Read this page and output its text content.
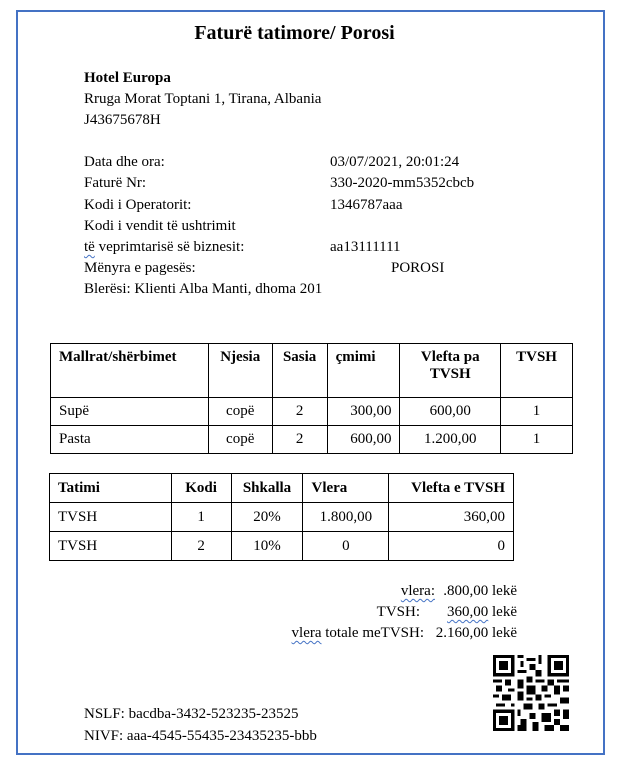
Faturë tatimore/ Porosi
Hotel Europa
Rruga Morat Toptani 1, Tirana, Albania
J43675678H
Data dhe ora:	03/07/2021, 20:01:24
Faturë Nr:	330-2020-mm5352cbcb
Kodi i Operatorit:	1346787aaa
Kodi i vendit të ushtrimit
të veprimtarisë së biznesit:	aa13111111
Mënyra e pagesës:	POROSI
Blerësi: Klienti Alba Manti, dhoma 201
Mallrat/shërbimet	Njesia	Sasia	çmimi	Vlefta pa TVSH	TVSH
Supë	copë	2	300,00	600,00	1
Pasta	copë	2	600,00	1.200,00	1
Tatimi	Kodi	Shkalla	Vlera	Vlefta e TVSH
TVSH	1	20%	1.800,00	360,00
TVSH	2	10%	0	0
vlera: .800,00 lekë
TVSH: 360,00 lekë
vlera totale meTVSH: 2.160,00 lekë
NSLF: bacdba-3432-523235-23525
NIVF: aaa-4545-55435-23435235-bbb
